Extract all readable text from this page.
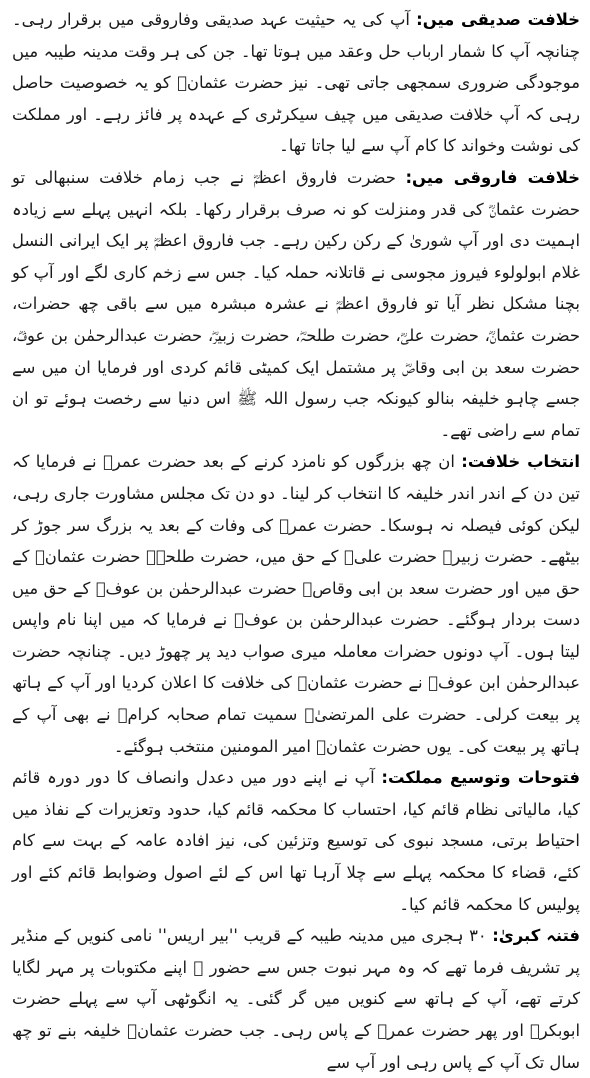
خلافت صدیقی میں: آپ کی یہ حیثیت عہد صدیقی وفاروقی میں برقرار رہی۔ چنانچہ آپ کا شمار ارباب حل وعقد میں ہوتا تھا۔ جن کی ہر وقت مدینہ طیبہ میں موجودگی ضروری سمجھی جاتی تھی۔ نیز حضرت عثمانؓ کو یہ خصوصیت حاصل رہی کہ آپ خلافت صدیقی میں چیف سیکرٹری کے عہدہ پر فائز رہے۔ اور مملکت کی نوشت وخواند کا کام آپ سے لیا جاتا تھا۔

خلافت فاروقی میں: حضرت فاروق اعظمؓ نے جب زمام خلافت سنبھالی تو حضرت عثمانؓ کی قدر ومنزلت کو نہ صرف برقرار رکھا۔ بلکہ انہیں پہلے سے زیادہ اہمیت دی اور آپ شوریٰ کے رکن رکین رہے۔ جب فاروق اعظمؓ پر ایک ایرانی النسل غلام ابولولوء فیروز مجوسی نے قاتلانہ حملہ کیا۔ جس سے زخم کاری لگے اور آپ کو بچنا مشکل نظر آیا تو فاروق اعظمؓ نے عشرہ مبشرہ میں سے باقی چھ حضرات، حضرت عثمانؓ، حضرت علیؓ، حضرت طلحہؓ، حضرت زبیرؓ، حضرت عبدالرحمٰن بن عوفؓ، حضرت سعد بن ابی وقاصؓ پر مشتمل ایک کمیٹی قائم کردی اور فرمایا ان میں سے جسے چاہو خلیفہ بنالو کیونکہ جب رسول اللہ ﷺ اس دنیا سے رخصت ہوئے تو ان تمام سے راضی تھے۔

انتخاب خلافت: ان چھ بزرگوں کو نامزد کرنے کے بعد حضرت عمرؓ نے فرمایا کہ تین دن کے اندر اندر خلیفہ کا انتخاب کر لینا۔ دو دن تک مجلس مشاورت جاری رہی، لیکن کوئی فیصلہ نہ ہوسکا۔ حضرت عمرؓ کی وفات کے بعد یہ بزرگ سر جوڑ کر بیٹھے۔ حضرت زبیرؓ حضرت علیؓ کے حق میں، حضرت طلحہؓ حضرت عثمانؓ کے حق میں اور حضرت سعد بن ابی وقاصؓ حضرت عبدالرحمٰن بن عوفؓ کے حق میں دست بردار ہوگئے۔ حضرت عبدالرحمٰن بن عوفؓ نے فرمایا کہ میں اپنا نام واپس لیتا ہوں۔ آپ دونوں حضرات معاملہ میری صواب دید پر چھوڑ دیں۔ چنانچہ حضرت عبدالرحمٰن ابن عوفؓ نے حضرت عثمانؓ کی خلافت کا اعلان کردیا اور آپ کے ہاتھ پر بیعت کرلی۔ حضرت علی المرتضیٰؓ سمیت تمام صحابہ کرامؓ نے بھی آپ کے ہاتھ پر بیعت کی۔ یوں حضرت عثمانؓ امیر المومنین منتخب ہوگئے۔

فتوحات وتوسیع مملکت: آپ نے اپنے دور میں دعدل وانصاف کا دور دورہ قائم کیا، مالیاتی نظام قائم کیا، احتساب کا محکمہ قائم کیا، حدود وتعزیرات کے نفاذ میں احتیاط برتی، مسجد نبوی کی توسیع وتزئین کی، نیز افادہ عامہ کے بہت سے کام کئے، قضاء کا محکمہ پہلے سے چلا آرہا تھا اس کے لئے اصول وضوابط قائم کئے اور پولیس کا محکمہ قائم کیا۔

فتنہ کبریٰ: ۳۰ ہجری میں مدینہ طیبہ کے قریب ''بیر اریس'' نامی کنویں کے منڈیر پر تشریف فرما تھے کہ وہ مہر نبوت جس سے حضور ﷺ اپنے مکتوبات پر مہر لگایا کرتے تھے، آپ کے ہاتھ سے کنویں میں گر گئی۔ یہ انگوٹھی آپ سے پہلے حضرت ابوبکرؓ اور پھر حضرت عمرؓ کے پاس رہی۔ جب حضرت عثمانؓ خلیفہ بنے تو چھ سال تک آپ کے پاس رہی اور آپ سے
